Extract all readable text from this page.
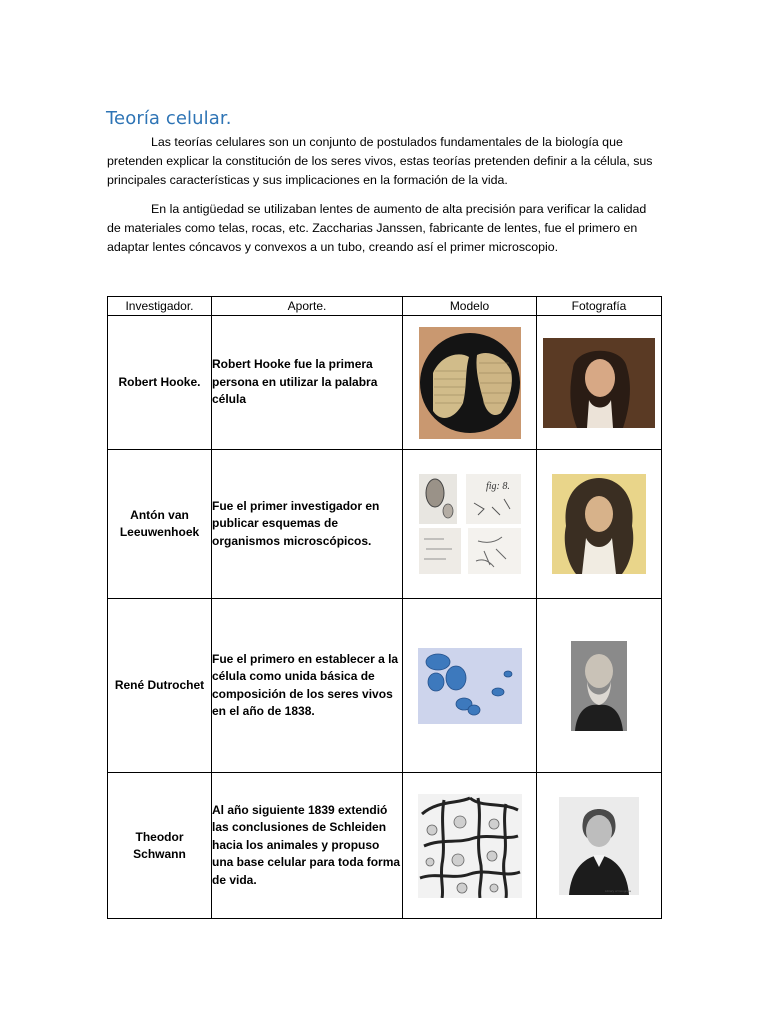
Teoría celular.

Las teorías celulares son un conjunto de postulados fundamentales de la biología que pretenden explicar la constitución de los seres vivos, estas teorías pretenden definir a la célula, sus principales características y sus implicaciones en la formación de la vida.

En la antigüedad se utilizaban lentes de aumento de alta precisión para verificar la calidad de materiales como telas, rocas, etc. Zaccharias Janssen, fabricante de lentes, fue el primero en adaptar lentes cóncavos y convexos a un tubo, creando así el primer microscopio.

Investigador.	Aporte.	Modelo	Fotografía
Robert Hooke.	Robert Hooke fue la primera persona en utilizar la palabra célula	

Antón van Leeuwenhoek	Fue el primer investigador en publicar esquemas de organismos microscópicos.	fig: 8.

René Dutrochet	Fue el primero en establecer a la célula como unida básica de composición de los seres vivos en el año de 1838.	

Theodor Schwann	Al año siguiente 1839 extendió las conclusiones de Schleiden hacia los animales y propuso una base celular para toda forma de vida.		Library of Congress
